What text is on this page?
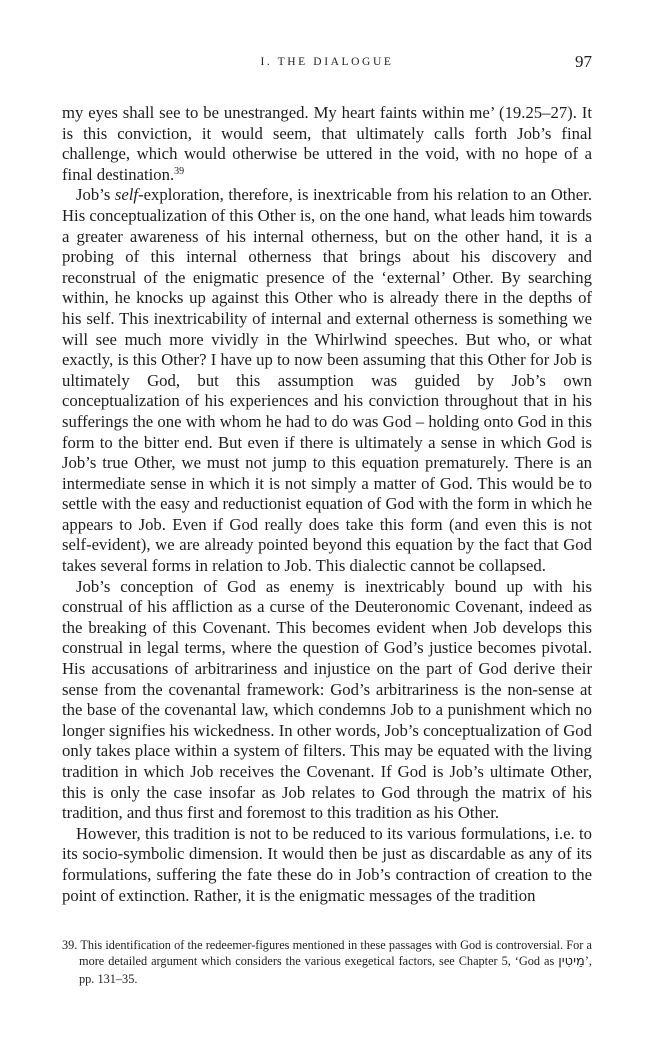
I. THE DIALOGUE	97

my eyes shall see to be unestranged. My heart faints within me’ (19.25–27). It is this conviction, it would seem, that ultimately calls forth Job’s final challenge, which would otherwise be uttered in the void, with no hope of a final destination.$^{39}$

Job’s self-exploration, therefore, is inextricable from his relation to an Other. His conceptualization of this Other is, on the one hand, what leads him towards a greater awareness of his internal otherness, but on the other hand, it is a probing of this internal otherness that brings about his discovery and reconstrual of the enigmatic presence of the ‘external’ Other. By searching within, he knocks up against this Other who is already there in the depths of his self. This inextricability of internal and external otherness is something we will see much more vividly in the Whirlwind speeches. But who, or what exactly, is this Other? I have up to now been assuming that this Other for Job is ultimately God, but this assumption was guided by Job’s own conceptualization of his experiences and his conviction throughout that in his sufferings the one with whom he had to do was God – holding onto God in this form to the bitter end. But even if there is ultimately a sense in which God is Job’s true Other, we must not jump to this equation prematurely. There is an intermediate sense in which it is not simply a matter of God. This would be to settle with the easy and reductionist equation of God with the form in which he appears to Job. Even if God really does take this form (and even this is not self-evident), we are already pointed beyond this equation by the fact that God takes several forms in relation to Job. This dialectic cannot be collapsed.

Job’s conception of God as enemy is inextricably bound up with his construal of his affliction as a curse of the Deuteronomic Covenant, indeed as the breaking of this Covenant. This becomes evident when Job develops this construal in legal terms, where the question of God’s justice becomes pivotal. His accusations of arbitrariness and injustice on the part of God derive their sense from the covenantal framework: God’s arbitrariness is the non-sense at the base of the covenantal law, which condemns Job to a punishment which no longer signifies his wickedness. In other words, Job’s conceptualization of God only takes place within a system of filters. This may be equated with the living tradition in which Job receives the Covenant. If God is Job’s ultimate Other, this is only the case insofar as Job relates to God through the matrix of his tradition, and thus first and foremost to this tradition as his Other.

However, this tradition is not to be reduced to its various formulations, i.e. to its socio-symbolic dimension. It would then be just as discardable as any of its formulations, suffering the fate these do in Job’s contraction of creation to the point of extinction. Rather, it is the enigmatic messages of the tradition

39. This identification of the redeemer-figures mentioned in these passages with God is controversial. For a more detailed argument which considers the various exegetical factors, see Chapter 5, ‘God as מֵיטִין’, pp. 131–35.
